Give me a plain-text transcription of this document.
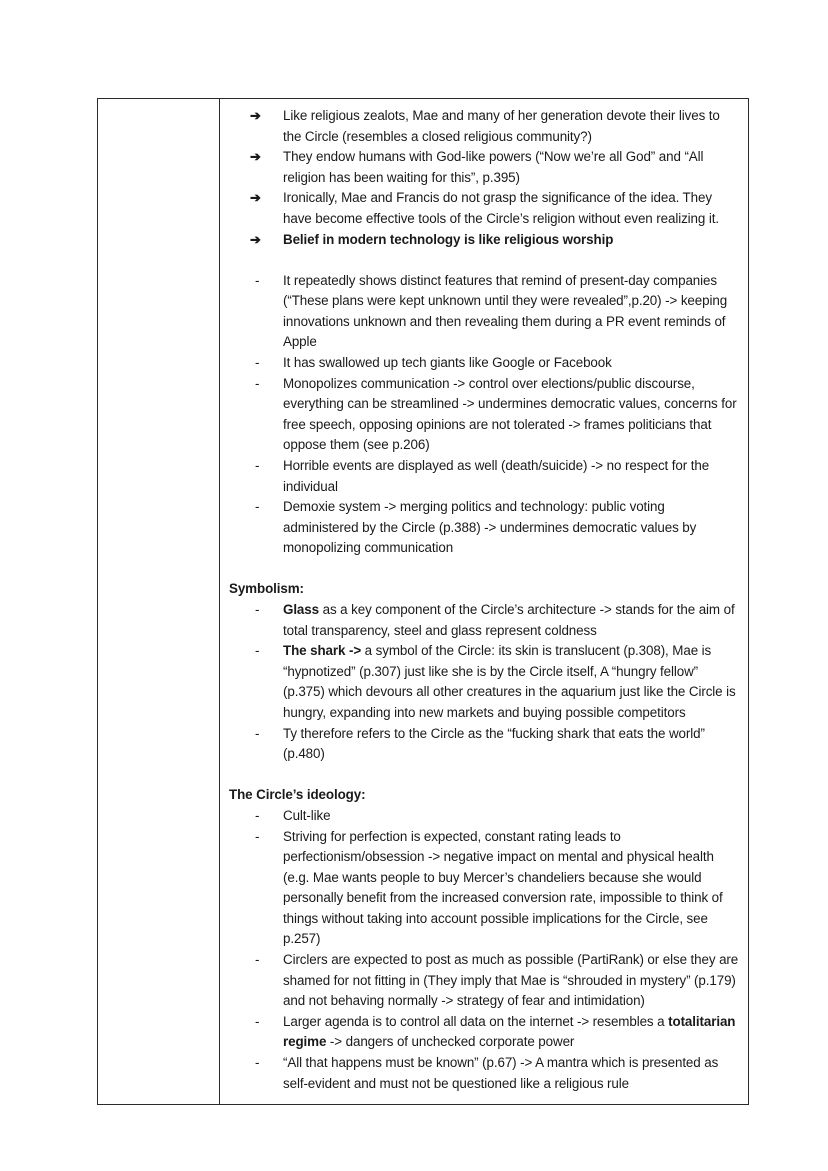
➔	Like religious zealots, Mae and many of her generation devote their lives to the Circle (resembles a closed religious community?)
➔	They endow humans with God-like powers (“Now we’re all God” and “All religion has been waiting for this”, p.395)
➔	Ironically, Mae and Francis do not grasp the significance of the idea. They have become effective tools of the Circle’s religion without even realizing it.
➔	Belief in modern technology is like religious worship
-	It repeatedly shows distinct features that remind of present-day companies (“These plans were kept unknown until they were revealed”,p.20) -> keeping innovations unknown and then revealing them during a PR event reminds of Apple
-	It has swallowed up tech giants like Google or Facebook
-	Monopolizes communication -> control over elections/public discourse, everything can be streamlined -> undermines democratic values, concerns for free speech, opposing opinions are not tolerated -> frames politicians that oppose them (see p.206)
-	Horrible events are displayed as well (death/suicide) -> no respect for the individual
-	Demoxie system -> merging politics and technology: public voting administered by the Circle (p.388) -> undermines democratic values by monopolizing communication
Symbolism:
-	Glass as a key component of the Circle’s architecture -> stands for the aim of total transparency, steel and glass represent coldness
-	The shark -> a symbol of the Circle: its skin is translucent (p.308), Mae is “hypnotized” (p.307) just like she is by the Circle itself, A “hungry fellow” (p.375) which devours all other creatures in the aquarium just like the Circle is hungry, expanding into new markets and buying possible competitors
-	Ty therefore refers to the Circle as the “fucking shark that eats the world” (p.480)
The Circle’s ideology:
-	Cult-like
-	Striving for perfection is expected, constant rating leads to perfectionism/obsession -> negative impact on mental and physical health (e.g. Mae wants people to buy Mercer’s chandeliers because she would personally benefit from the increased conversion rate, impossible to think of things without taking into account possible implications for the Circle, see p.257)
-	Circlers are expected to post as much as possible (PartiRank) or else they are shamed for not fitting in (They imply that Mae is “shrouded in mystery” (p.179) and not behaving normally -> strategy of fear and intimidation)
-	Larger agenda is to control all data on the internet -> resembles a totalitarian regime -> dangers of unchecked corporate power
-	“All that happens must be known” (p.67) -> A mantra which is presented as self-evident and must not be questioned like a religious rule
